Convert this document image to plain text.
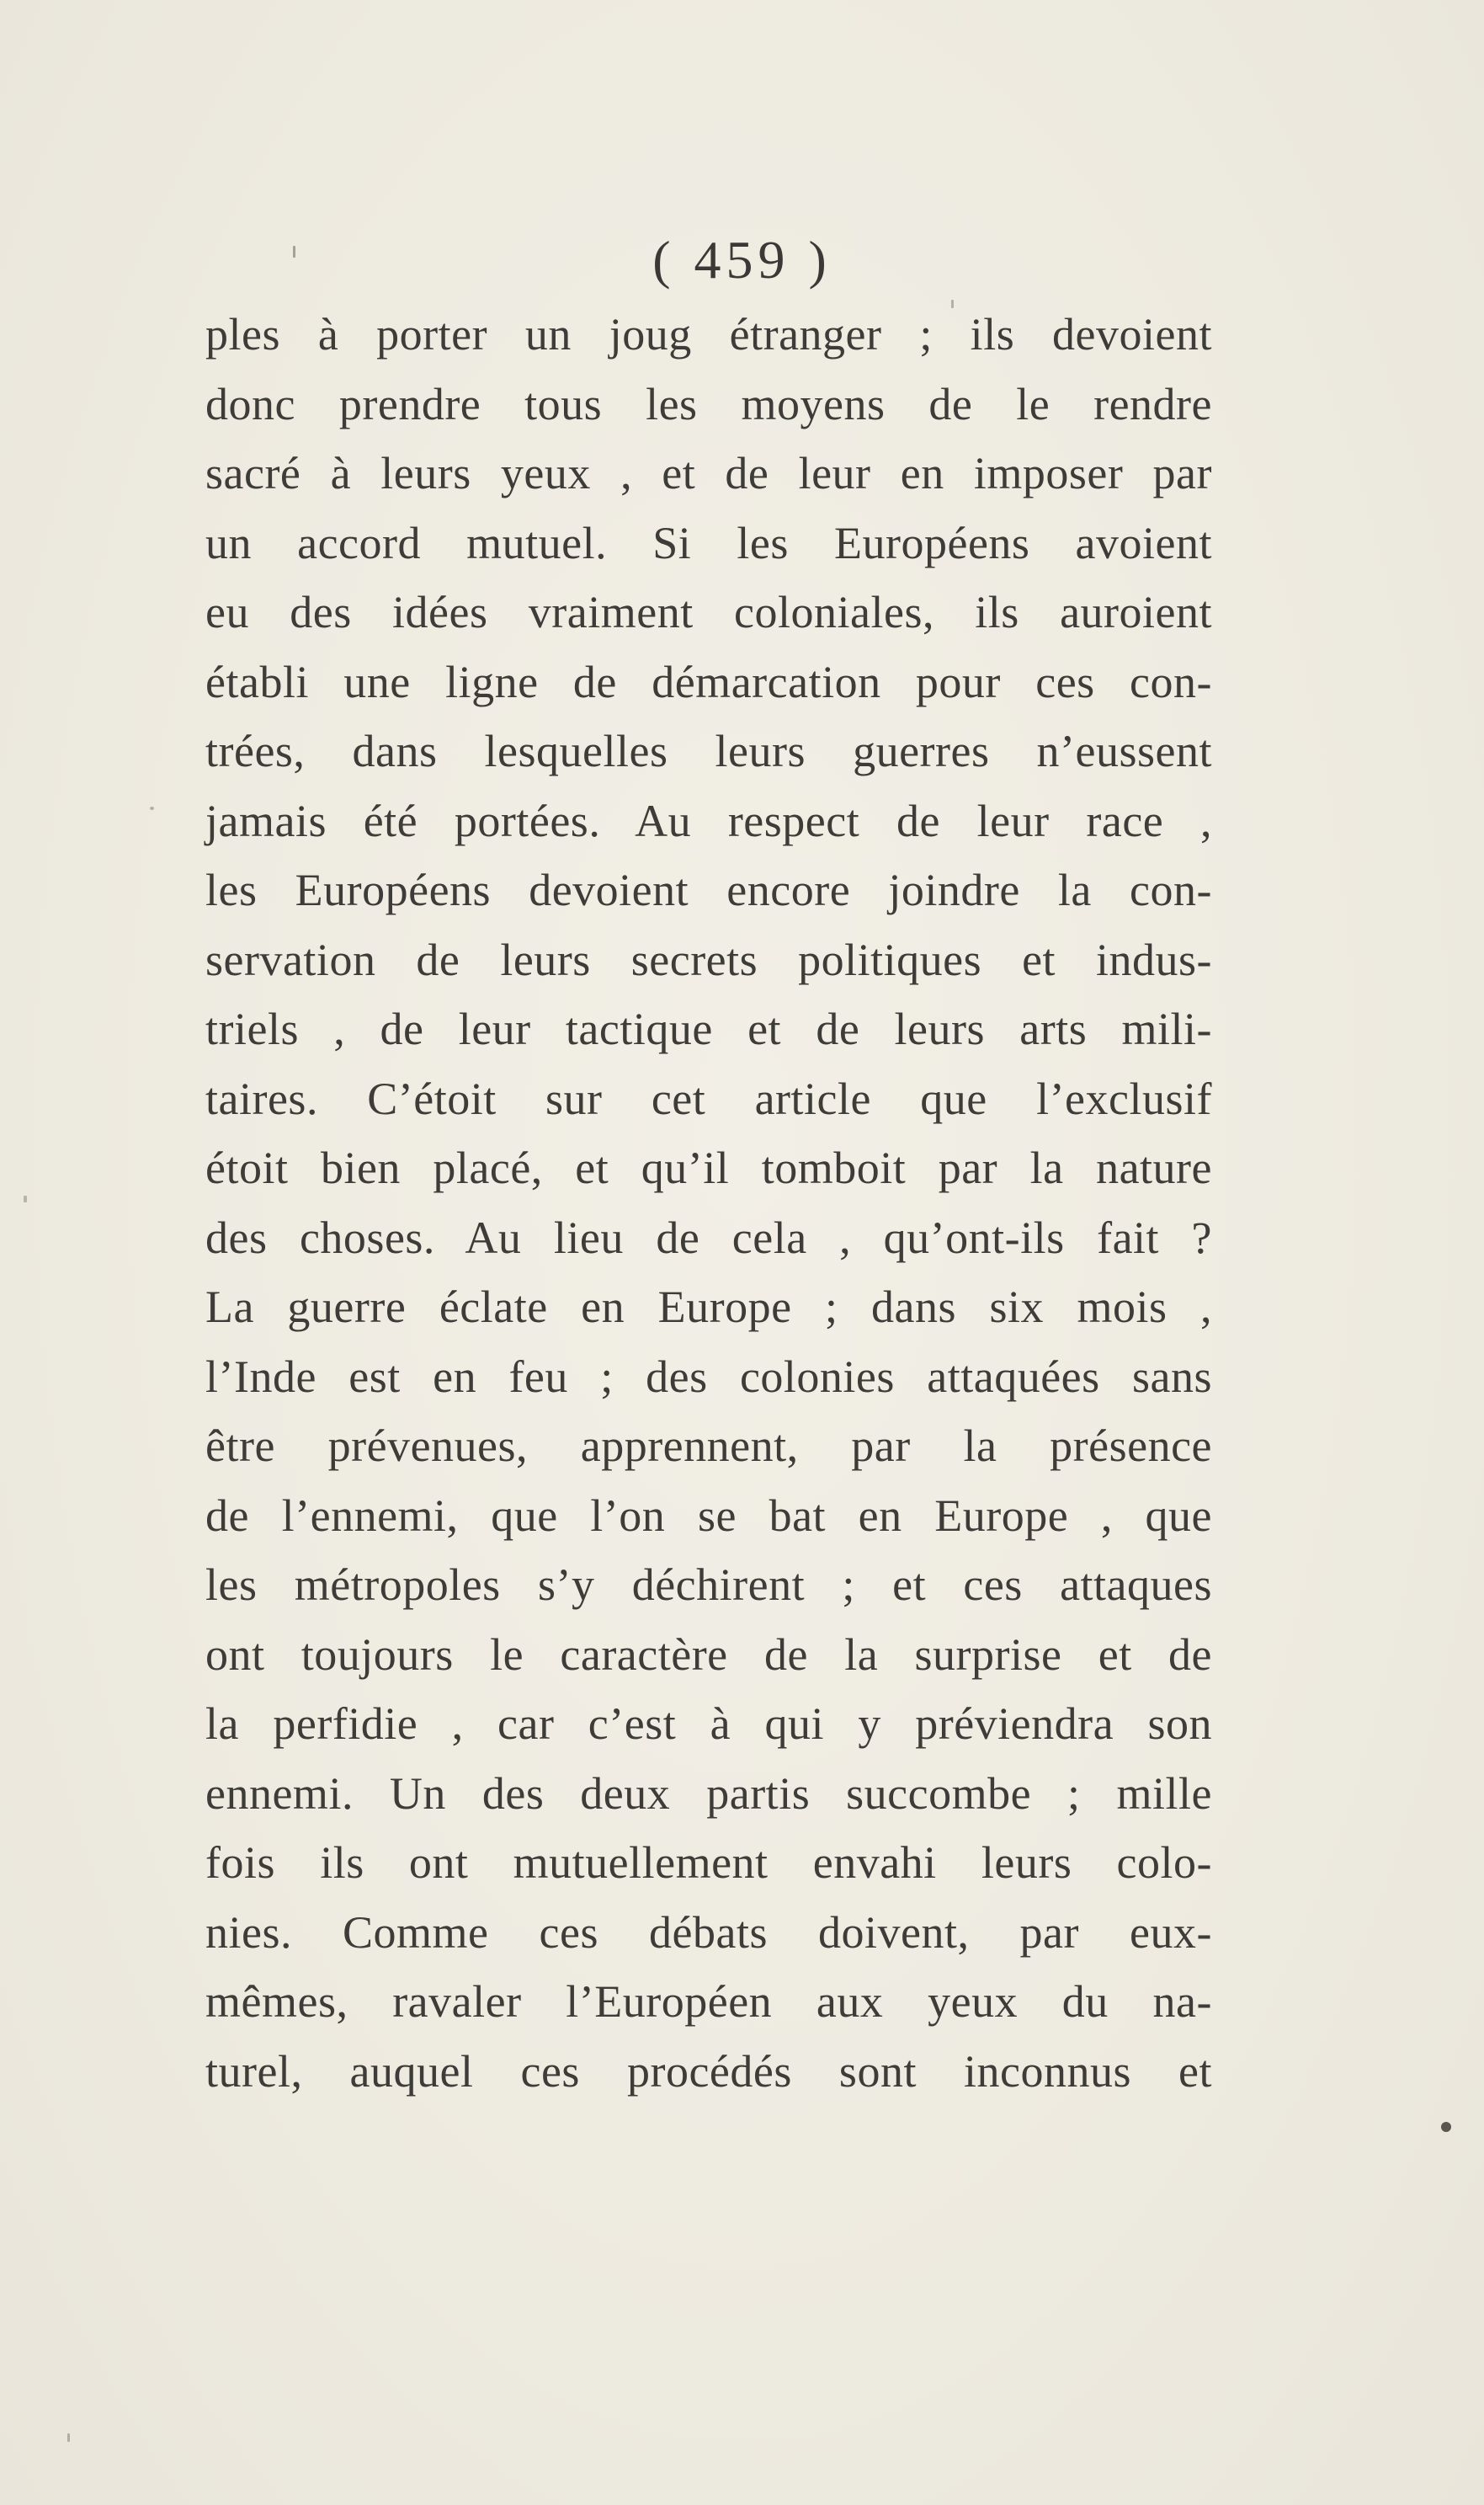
( 459 )
ples à porter un joug étranger ; ils devoient
donc prendre tous les moyens de le rendre
sacré à leurs yeux , et de leur en imposer par
un accord mutuel. Si les Européens avoient
eu des idées vraiment coloniales, ils auroient
établi une ligne de démarcation pour ces con-
trées, dans lesquelles leurs guerres n’eussent
jamais été portées. Au respect de leur race ,
les Européens devoient encore joindre la con-
servation de leurs secrets politiques et indus-
triels , de leur tactique et de leurs arts mili-
taires. C’étoit sur cet article que l’exclusif
étoit bien placé, et qu’il tomboit par la nature
des choses. Au lieu de cela , qu’ont-ils fait ?
La guerre éclate en Europe ; dans six mois ,
l’Inde est en feu ; des colonies attaquées sans
être prévenues, apprennent, par la présence
de l’ennemi, que l’on se bat en Europe , que
les métropoles s’y déchirent ; et ces attaques
ont toujours le caractère de la surprise et de
la perfidie , car c’est à qui y préviendra son
ennemi. Un des deux partis succombe ; mille
fois ils ont mutuellement envahi leurs colo-
nies. Comme ces débats doivent, par eux-
mêmes, ravaler l’Européen aux yeux du na-
turel, auquel ces procédés sont inconnus et
